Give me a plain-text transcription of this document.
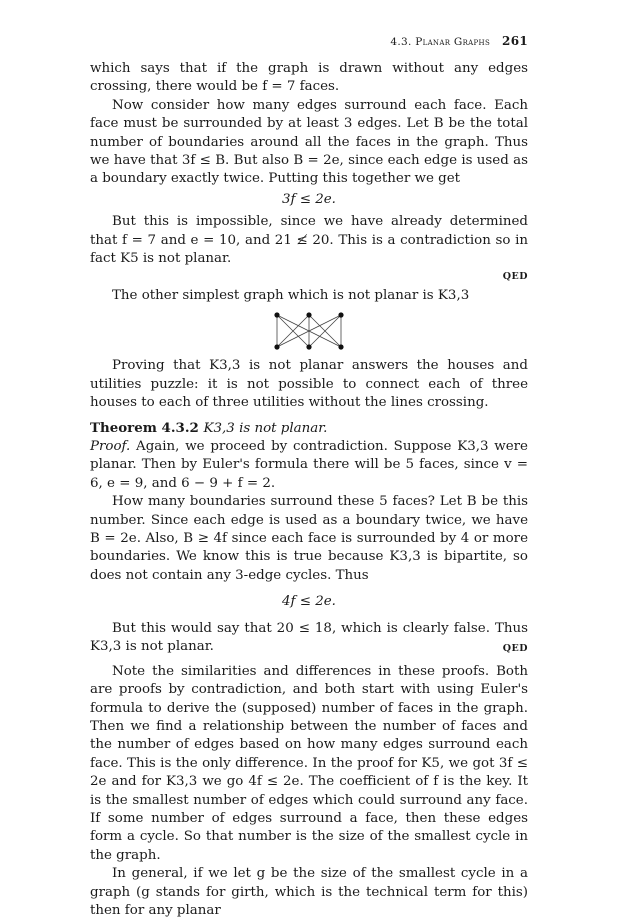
4.3. Planar Graphs 261

which says that if the graph is drawn without any edges crossing, there would be f = 7 faces.

Now consider how many edges surround each face. Each face must be surrounded by at least 3 edges. Let B be the total number of boundaries around all the faces in the graph. Thus we have that 3f ≤ B. But also B = 2e, since each edge is used as a boundary exactly twice. Putting this together we get

3f ≤ 2e.

But this is impossible, since we have already determined that f = 7 and e = 10, and 21 ≰ 20. This is a contradiction so in fact K5 is not planar.

QED

The other simplest graph which is not planar is K3,3

Proving that K3,3 is not planar answers the houses and utilities puzzle: it is not possible to connect each of three houses to each of three utilities without the lines crossing.

Theorem 4.3.2 K3,3 is not planar.

Proof. Again, we proceed by contradiction. Suppose K3,3 were planar. Then by Euler's formula there will be 5 faces, since v = 6, e = 9, and 6 − 9 + f = 2.

How many boundaries surround these 5 faces? Let B be this number. Since each edge is used as a boundary twice, we have B = 2e. Also, B ≥ 4f since each face is surrounded by 4 or more boundaries. We know this is true because K3,3 is bipartite, so does not contain any 3-edge cycles. Thus

4f ≤ 2e.

But this would say that 20 ≤ 18, which is clearly false. Thus K3,3 is not planar.	QED

Note the similarities and differences in these proofs. Both are proofs by contradiction, and both start with using Euler's formula to derive the (supposed) number of faces in the graph. Then we find a relationship between the number of faces and the number of edges based on how many edges surround each face. This is the only difference. In the proof for K5, we got 3f ≤ 2e and for K3,3 we go 4f ≤ 2e. The coefficient of f is the key. It is the smallest number of edges which could surround any face. If some number of edges surround a face, then these edges form a cycle. So that number is the size of the smallest cycle in the graph.

In general, if we let g be the size of the smallest cycle in a graph (g stands for girth, which is the technical term for this) then for any planar
